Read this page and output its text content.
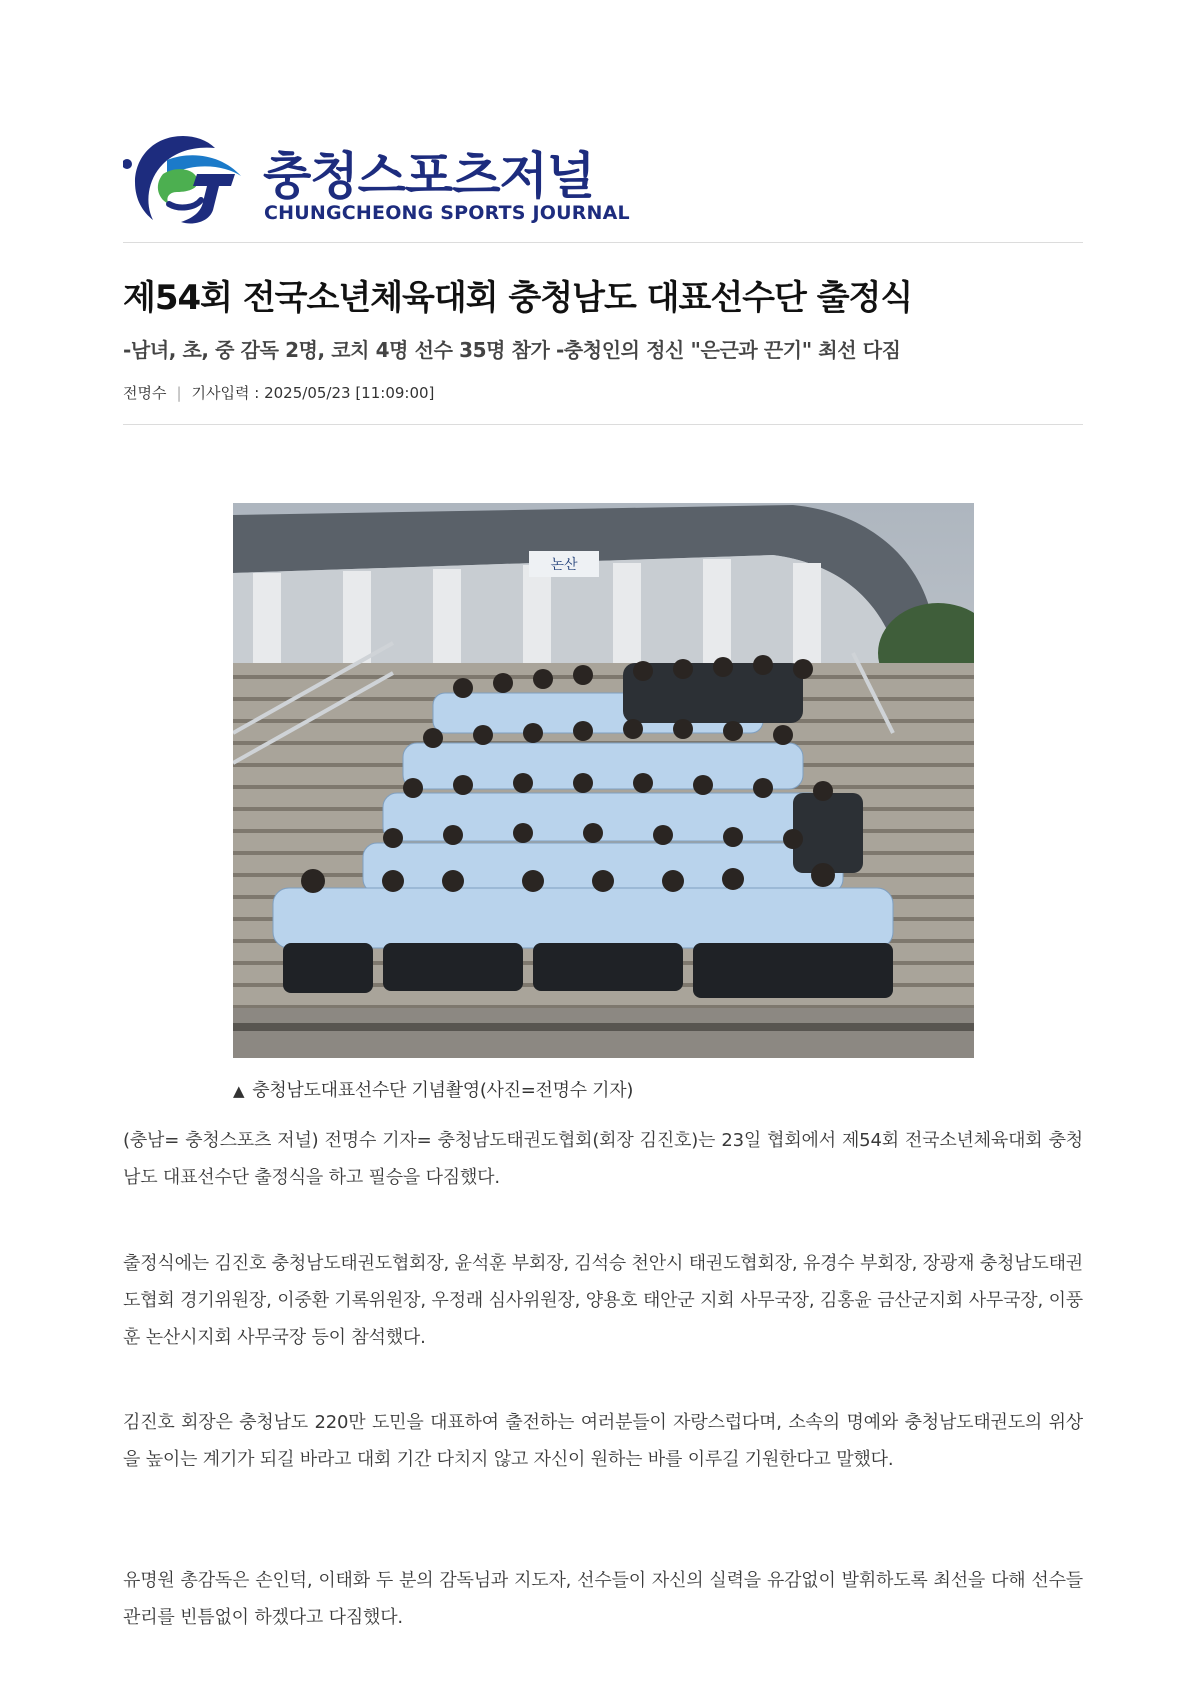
충청스포츠저널
CHUNGCHEONG SPORTS JOURNAL
제54회 전국소년체육대회 충청남도 대표선수단 출정식
-남녀, 초, 중 감독 2명, 코치 4명 선수 35명 참가 -충청인의 정신 "은근과 끈기" 최선 다짐
전명수 | 기사입력 : 2025/05/23 [11:09:00]
논산
▲ 충청남도대표선수단 기념촬영(사진=전명수 기자)

(충남= 충청스포츠 저널) 전명수 기자= 충청남도태권도협회(회장 김진호)는 23일 협회에서 제54회 전국소년체육대회 충청남도 대표선수단 출정식을 하고 필승을 다짐했다.

출정식에는 김진호 충청남도태권도협회장, 윤석훈 부회장, 김석승 천안시 태권도협회장, 유경수 부회장, 장광재 충청남도태권도협회 경기위원장, 이중환 기록위원장, 우정래 심사위원장, 양용호 태안군 지회 사무국장, 김홍윤 금산군지회 사무국장, 이풍훈 논산시지회 사무국장 등이 참석했다.

김진호 회장은 충청남도 220만 도민을 대표하여 출전하는 여러분들이 자랑스럽다며, 소속의 명예와 충청남도태권도의 위상을 높이는 계기가 되길 바라고 대회 기간 다치지 않고 자신이 원하는 바를 이루길 기원한다고 말했다.

유명원 총감독은 손인덕, 이태화 두 분의 감독님과 지도자, 선수들이 자신의 실력을 유감없이 발휘하도록 최선을 다해 선수들 관리를 빈틈없이 하겠다고 다짐했다.
